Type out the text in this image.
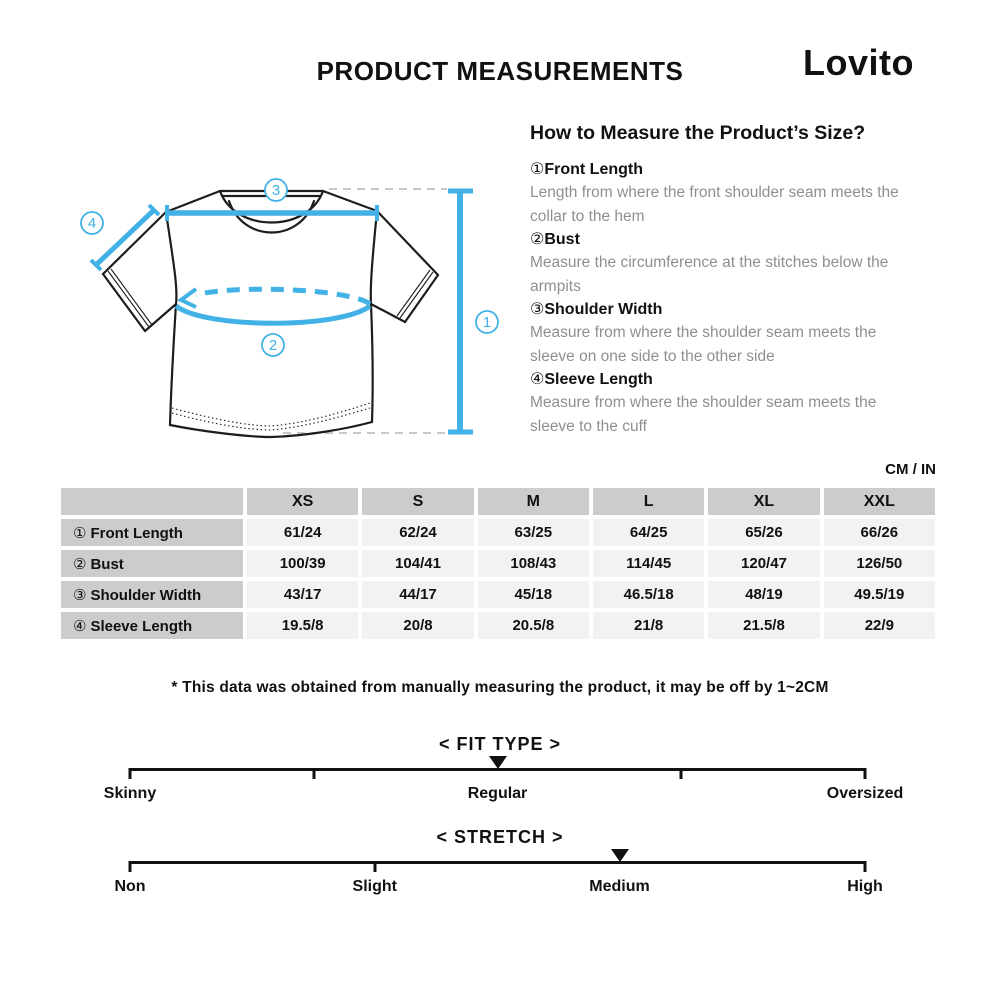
PRODUCT MEASUREMENTS	Lovito
1
2
3
4
How to Measure the Product’s Size?
①Front Length
Length from where the front shoulder seam meets the collar to the hem
②Bust
Measure the circumference at the stitches below the armpits
③Shoulder Width
Measure from where the shoulder seam meets the sleeve on one side to the other side
④Sleeve Length
Measure from where the shoulder seam meets the sleeve to the cuff
CM / IN
	XS	S	M	L	XL	XXL
① Front Length	61/24	62/24	63/25	64/25	65/26	66/26
② Bust	100/39	104/41	108/43	114/45	120/47	126/50
③ Shoulder Width	43/17	44/17	45/18	46.5/18	48/19	49.5/19
④ Sleeve Length	19.5/8	20/8	20.5/8	21/8	21.5/8	22/9
* This data was obtained from manually measuring the product, it may be off by 1~2CM
< FIT TYPE >
Skinny	Regular	Oversized
< STRETCH >
Non	Slight	Medium	High
